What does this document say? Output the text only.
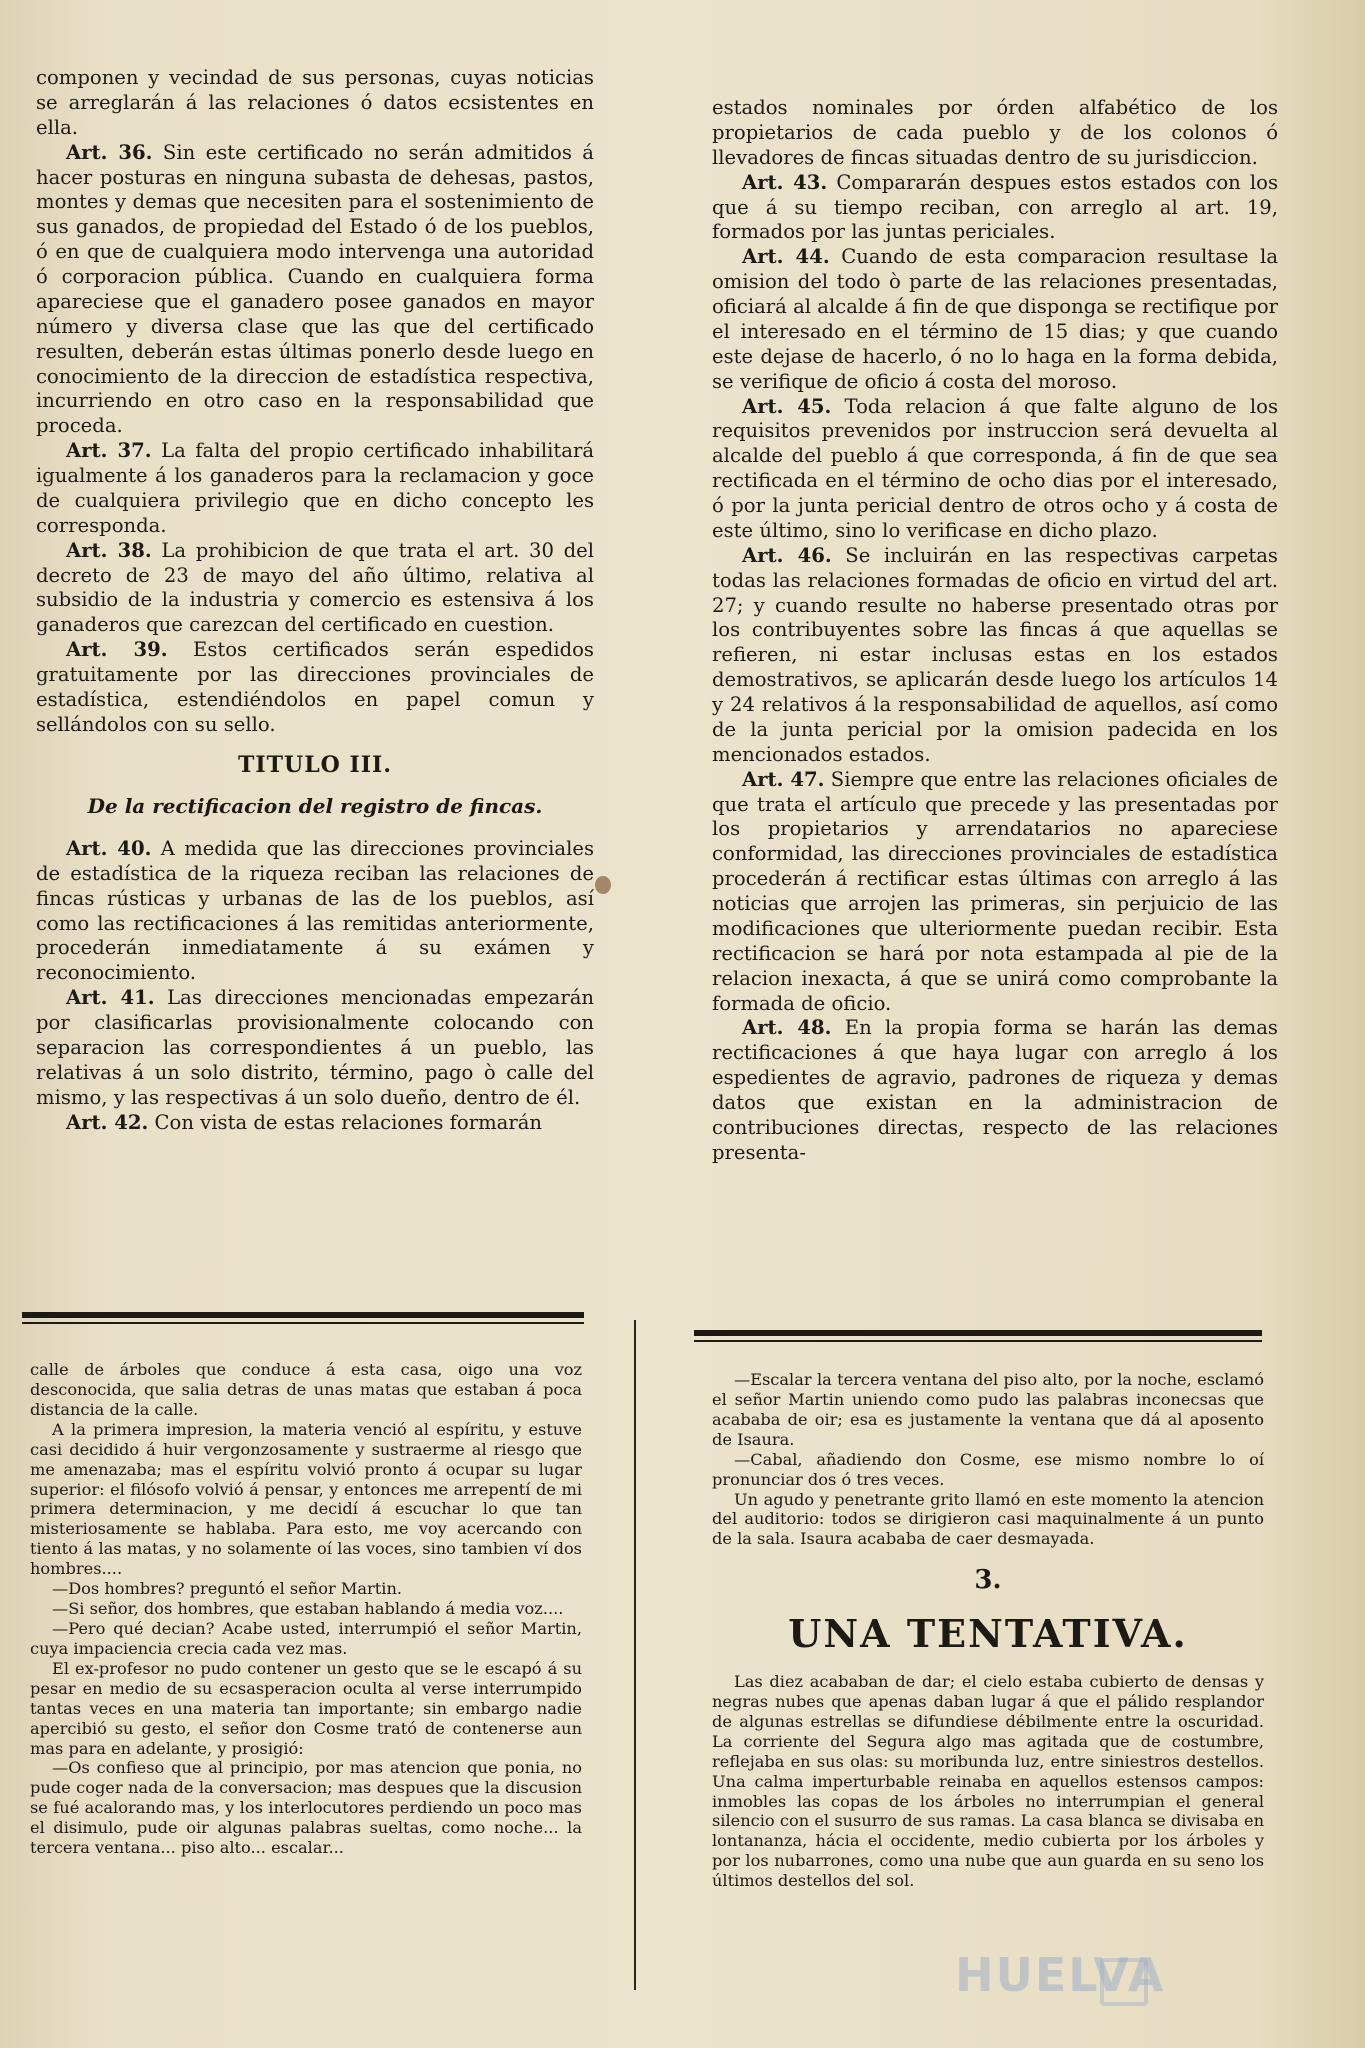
componen y vecindad de sus personas, cuyas noticias se arreglarán á las relaciones ó datos ecsistentes en ella.

Art. 36. Sin este certificado no serán admitidos á hacer posturas en ninguna subasta de dehesas, pastos, montes y demas que necesiten para el sostenimiento de sus ganados, de propiedad del Estado ó de los pueblos, ó en que de cualquiera modo intervenga una autoridad ó corporacion pública. Cuando en cualquiera forma apareciese que el ganadero posee ganados en mayor número y diversa clase que las que del certificado resulten, deberán estas últimas ponerlo desde luego en conocimiento de la direccion de estadística respectiva, incurriendo en otro caso en la responsabilidad que proceda.

Art. 37. La falta del propio certificado inhabilitará igualmente á los ganaderos para la reclamacion y goce de cualquiera privilegio que en dicho concepto les corresponda.

Art. 38. La prohibicion de que trata el art. 30 del decreto de 23 de mayo del año último, relativa al subsidio de la industria y comercio es estensiva á los ganaderos que carezcan del certificado en cuestion.

Art. 39. Estos certificados serán espedidos gratuitamente por las direcciones provinciales de estadística, estendiéndolos en papel comun y sellándolos con su sello.

TITULO III.
De la rectificacion del registro de fincas.

Art. 40. A medida que las direcciones provinciales de estadística de la riqueza reciban las relaciones de fincas rústicas y urbanas de las de los pueblos, así como las rectificaciones á las remitidas anteriormente, procederán inmediatamente á su exámen y reconocimiento.

Art. 41. Las direcciones mencionadas empezarán por clasificarlas provisionalmente colocando con separacion las correspondientes á un pueblo, las relativas á un solo distrito, término, pago ò calle del mismo, y las respectivas á un solo dueño, dentro de él.

Art. 42. Con vista de estas relaciones formarán

estados nominales por órden alfabético de los propietarios de cada pueblo y de los colonos ó llevadores de fincas situadas dentro de su jurisdiccion.

Art. 43. Compararán despues estos estados con los que á su tiempo reciban, con arreglo al art. 19, formados por las juntas periciales.

Art. 44. Cuando de esta comparacion resultase la omision del todo ò parte de las relaciones presentadas, oficiará al alcalde á fin de que disponga se rectifique por el interesado en el término de 15 dias; y que cuando este dejase de hacerlo, ó no lo haga en la forma debida, se verifique de oficio á costa del moroso.

Art. 45. Toda relacion á que falte alguno de los requisitos prevenidos por instruccion será devuelta al alcalde del pueblo á que corresponda, á fin de que sea rectificada en el término de ocho dias por el interesado, ó por la junta pericial dentro de otros ocho y á costa de este último, sino lo verificase en dicho plazo.

Art. 46. Se incluirán en las respectivas carpetas todas las relaciones formadas de oficio en virtud del art. 27; y cuando resulte no haberse presentado otras por los contribuyentes sobre las fincas á que aquellas se refieren, ni estar inclusas estas en los estados demostrativos, se aplicarán desde luego los artículos 14 y 24 relativos á la responsabilidad de aquellos, así como de la junta pericial por la omision padecida en los mencionados estados.

Art. 47. Siempre que entre las relaciones oficiales de que trata el artículo que precede y las presentadas por los propietarios y arrendatarios no apareciese conformidad, las direcciones provinciales de estadística procederán á rectificar estas últimas con arreglo á las noticias que arrojen las primeras, sin perjuicio de las modificaciones que ulteriormente puedan recibir. Esta rectificacion se hará por nota estampada al pie de la relacion inexacta, á que se unirá como comprobante la formada de oficio.

Art. 48. En la propia forma se harán las demas rectificaciones á que haya lugar con arreglo á los espedientes de agravio, padrones de riqueza y demas datos que existan en la administracion de contribuciones directas, respecto de las relaciones presenta-

calle de árboles que conduce á esta casa, oigo una voz desconocida, que salia detras de unas matas que estaban á poca distancia de la calle.

A la primera impresion, la materia venció al espíritu, y estuve casi decidido á huir vergonzosamente y sustraerme al riesgo que me amenazaba; mas el espíritu volvió pronto á ocupar su lugar superior: el filósofo volvió á pensar, y entonces me arrepentí de mi primera determinacion, y me decidí á escuchar lo que tan misteriosamente se hablaba. Para esto, me voy acercando con tiento á las matas, y no solamente oí las voces, sino tambien ví dos hombres....

—Dos hombres? preguntó el señor Martin.

—Si señor, dos hombres, que estaban hablando á media voz....

—Pero qué decian? Acabe usted, interrumpió el señor Martin, cuya impaciencia crecia cada vez mas.

El ex-profesor no pudo contener un gesto que se le escapó á su pesar en medio de su ecsasperacion oculta al verse interrumpido tantas veces en una materia tan importante; sin embargo nadie apercibió su gesto, el señor don Cosme trató de contenerse aun mas para en adelante, y prosigió:

—Os confieso que al principio, por mas atencion que ponia, no pude coger nada de la conversacion; mas despues que la discusion se fué acalorando mas, y los interlocutores perdiendo un poco mas el disimulo, pude oir algunas palabras sueltas, como noche... la tercera ventana... piso alto... escalar...

—Escalar la tercera ventana del piso alto, por la noche, esclamó el señor Martin uniendo como pudo las palabras inconecsas que acababa de oir; esa es justamente la ventana que dá al aposento de Isaura.

—Cabal, añadiendo don Cosme, ese mismo nombre lo oí pronunciar dos ó tres veces.

Un agudo y penetrante grito llamó en este momento la atencion del auditorio: todos se dirigieron casi maquinalmente á un punto de la sala. Isaura acababa de caer desmayada.

3.
UNA TENTATIVA.

Las diez acababan de dar; el cielo estaba cubierto de densas y negras nubes que apenas daban lugar á que el pálido resplandor de algunas estrellas se difundiese débilmente entre la oscuridad. La corriente del Segura algo mas agitada que de costumbre, reflejaba en sus olas: su moribunda luz, entre siniestros destellos. Una calma imperturbable reinaba en aquellos estensos campos: inmobles las copas de los árboles no interrumpian el general silencio con el susurro de sus ramas. La casa blanca se divisaba en lontananza, hácia el occidente, medio cubierta por los árboles y por los nubarrones, como una nube que aun guarda en su seno los últimos destellos del sol.

HUELVA
